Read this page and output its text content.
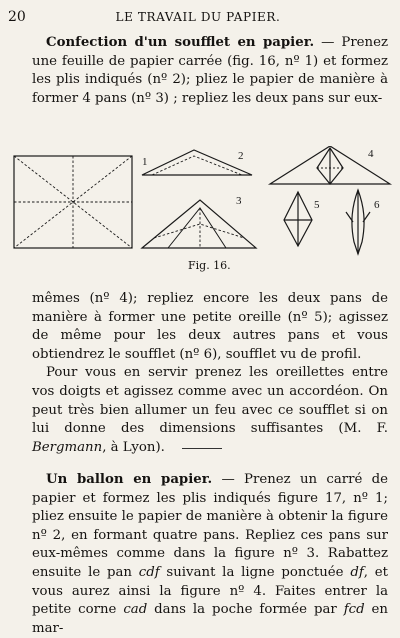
20	LE TRAVAIL DU PAPIER.

Confection d'un soufflet en papier. — Prenez une feuille de papier carrée (fig. 16, nº 1) et formez les plis indiqués (nº 2); pliez le papier de manière à former 4 pans (nº 3) ; repliez les deux pans sur eux-

1	2
3
4
5	6
Fig. 16.

mêmes (nº 4); repliez encore les deux pans de manière à former une petite oreille (nº 5); agissez de même pour les deux autres pans et vous obtiendrez le soufflet (nº 6), soufflet vu de profil.

Pour vous en servir prenez les oreillettes entre vos doigts et agissez comme avec un accordéon. On peut très bien allumer un feu avec ce soufflet si on lui donne des dimensions suffisantes (M. F. Bergmann, à Lyon).

Un ballon en papier. — Prenez un carré de papier et formez les plis indiqués figure 17, nº 1; pliez ensuite le papier de manière à obtenir la figure nº 2, en formant quatre pans. Repliez ces pans sur eux-mêmes comme dans la figure nº 3. Rabattez ensuite le pan cdf suivant la ligne ponctuée df, et vous aurez ainsi la figure nº 4. Faites entrer la petite corne cad dans la poche formée par fcd en mar-
